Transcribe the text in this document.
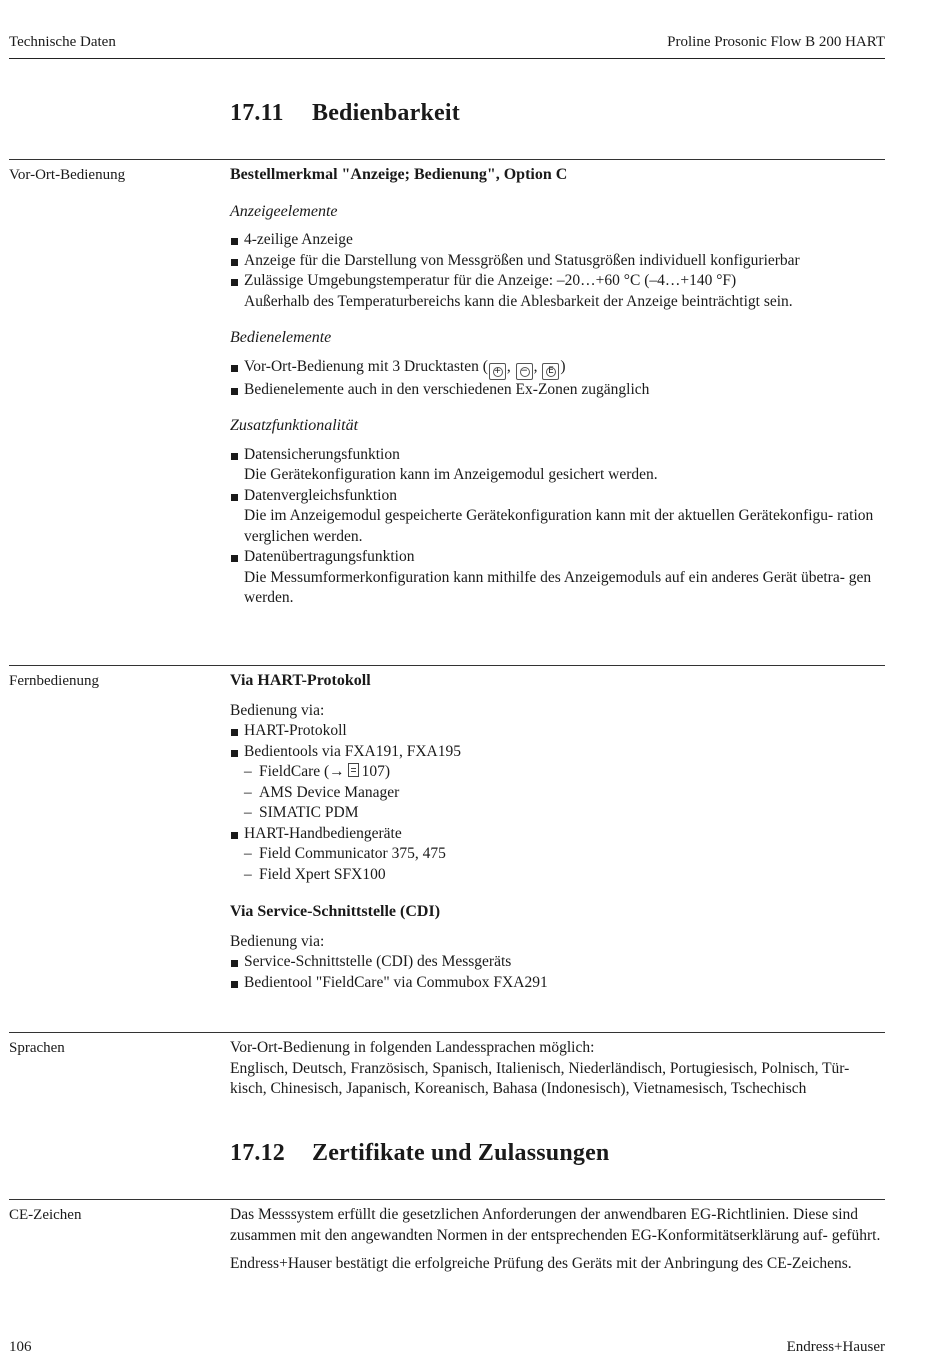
Technische Daten	Proline Prosonic Flow B 200 HART
17.11 Bedienbarkeit
Vor-Ort-Bedienung	Bestellmerkmal "Anzeige; Bedienung", Option C
Anzeigeelemente
4-zeilige Anzeige
Anzeige für die Darstellung von Messgrößen und Statusgrößen individuell konfigurierbar
Zulässige Umgebungstemperatur für die Anzeige: –20…+60 °C (–4…+140 °F)
Außerhalb des Temperaturbereichs kann die Ablesbarkeit der Anzeige beinträchtigt sein.
Bedienelemente
Vor-Ort-Bedienung mit 3 Drucktasten ( + , − , E )
Bedienelemente auch in den verschiedenen Ex-Zonen zugänglich
Zusatzfunktionalität
Datensicherungsfunktion
Die Gerätekonfiguration kann im Anzeigemodul gesichert werden.
Datenvergleichsfunktion
Die im Anzeigemodul gespeicherte Gerätekonfiguration kann mit der aktuellen Gerätekonfigu- ration verglichen werden.
Datenübertragungsfunktion
Die Messumformerkonfiguration kann mithilfe des Anzeigemoduls auf ein anderes Gerät übetra- gen werden.
Fernbedienung	Via HART-Protokoll
Bedienung via:
HART-Protokoll
Bedientools via FXA191, FXA195
– FieldCare (→ 107)
– AMS Device Manager
– SIMATIC PDM
HART-Handbediengeräte
– Field Communicator 375, 475
– Field Xpert SFX100
Via Service-Schnittstelle (CDI)
Bedienung via:
Service-Schnittstelle (CDI) des Messgeräts
Bedientool "FieldCare" via Commubox FXA291
Sprachen	Vor-Ort-Bedienung in folgenden Landessprachen möglich:
Englisch, Deutsch, Französisch, Spanisch, Italienisch, Niederländisch, Portugiesisch, Polnisch, Tür- kisch, Chinesisch, Japanisch, Koreanisch, Bahasa (Indonesisch), Vietnamesisch, Tschechisch
17.12 Zertifikate und Zulassungen
CE-Zeichen	Das Messsystem erfüllt die gesetzlichen Anforderungen der anwendbaren EG-Richtlinien. Diese sind zusammen mit den angewandten Normen in der entsprechenden EG-Konformitätserklärung auf- geführt.
Endress+Hauser bestätigt die erfolgreiche Prüfung des Geräts mit der Anbringung des CE-Zeichens.
106	Endress+Hauser
